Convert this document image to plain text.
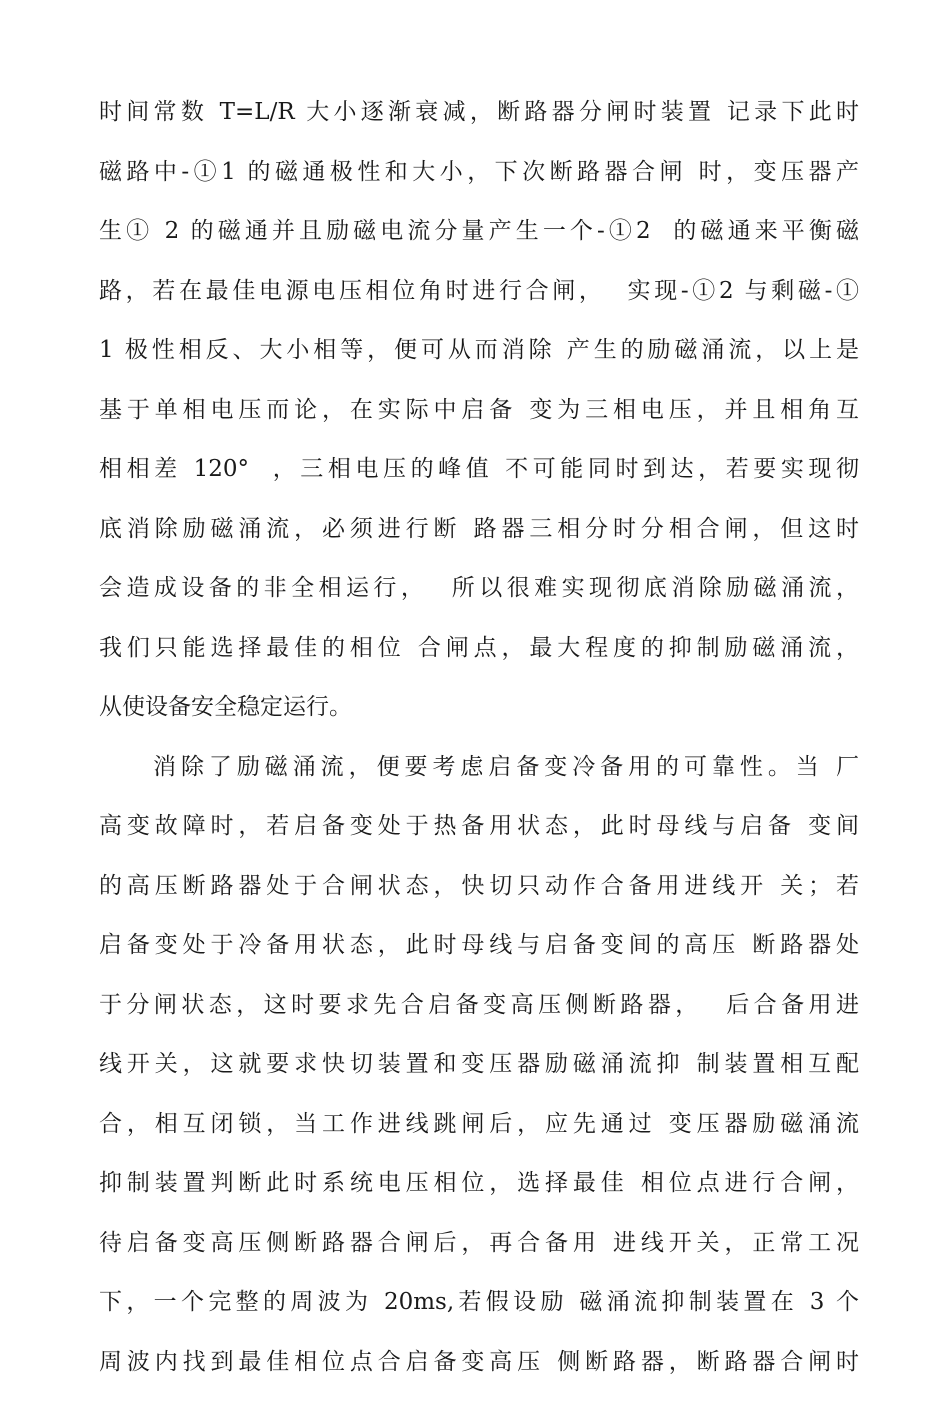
时间常数 T=L/R 大小逐渐衰减，断路器分闸时装置 记录下此时
磁路中-①1 的磁通极性和大小，下次断路器合闸 时，变压器产
生① 2 的磁通并且励磁电流分量产生一个-①2  的磁通来平衡磁
路，若在最佳电源电压相位角时进行合闸，  实现-①2 与剩磁-①
1 极性相反、大小相等，便可从而消除 产生的励磁涌流，以上是
基于单相电压而论，在实际中启备 变为三相电压，并且相角互
相相差 120°  ，三相电压的峰值 不可能同时到达，若要实现彻
底消除励磁涌流，必须进行断 路器三相分时分相合闸，但这时
会造成设备的非全相运行，  所以很难实现彻底消除励磁涌流，
我们只能选择最佳的相位 合闸点，最大程度的抑制励磁涌流，
从使设备安全稳定运行。
消除了励磁涌流，便要考虑启备变冷备用的可靠性。当 厂
高变故障时，若启备变处于热备用状态，此时母线与启备 变间
的高压断路器处于合闸状态，快切只动作合备用进线开 关；若
启备变处于冷备用状态，此时母线与启备变间的高压 断路器处
于分闸状态，这时要求先合启备变高压侧断路器，  后合备用进
线开关，这就要求快切装置和变压器励磁涌流抑 制装置相互配
合，相互闭锁，当工作进线跳闸后，应先通过 变压器励磁涌流
抑制装置判断此时系统电压相位，选择最佳 相位点进行合闸，
待启备变高压侧断路器合闸后，再合备用 进线开关，正常工况
下，一个完整的周波为 20ms,若假设励 磁涌流抑制装置在 3 个
周波内找到最佳相位点合启备变高压 侧断路器，断路器合闸时
